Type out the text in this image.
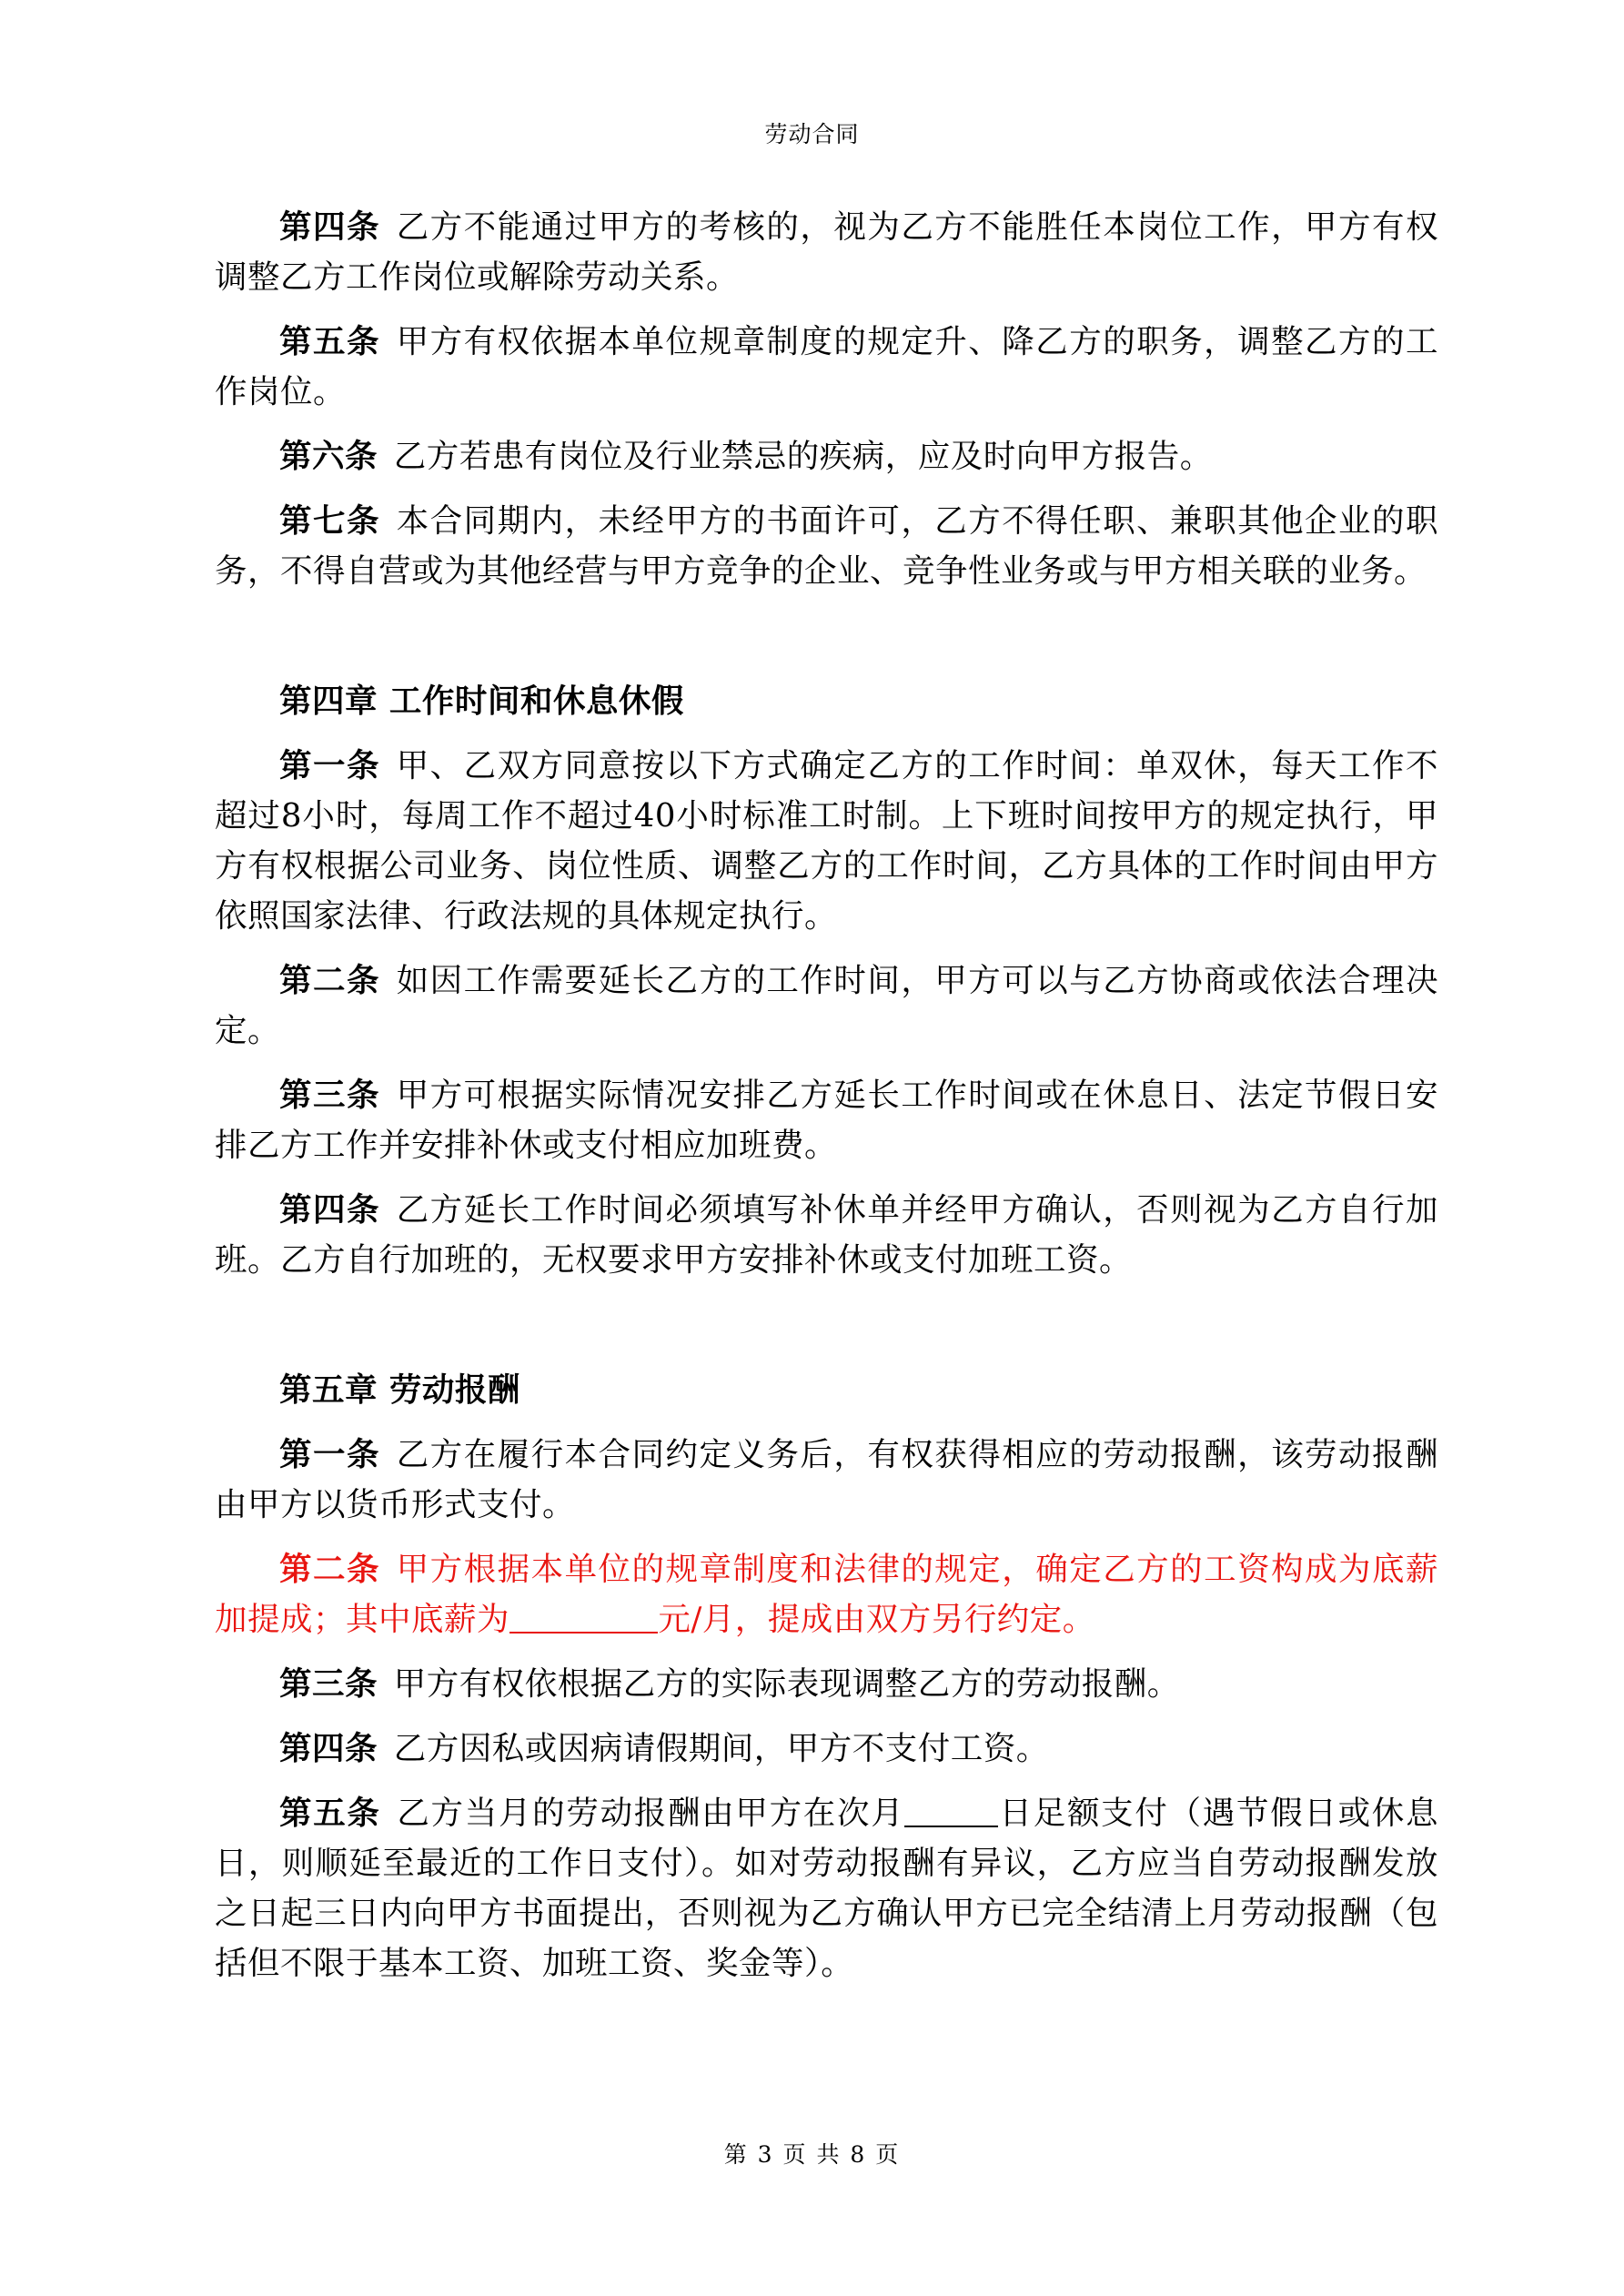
劳动合同

第四条 乙方不能通过甲方的考核的，视为乙方不能胜任本岗位工作，甲方有权调整乙方工作岗位或解除劳动关系。

第五条 甲方有权依据本单位规章制度的规定升、降乙方的职务，调整乙方的工作岗位。

第六条 乙方若患有岗位及行业禁忌的疾病，应及时向甲方报告。

第七条 本合同期内，未经甲方的书面许可，乙方不得任职、兼职其他企业的职务，不得自营或为其他经营与甲方竞争的企业、竞争性业务或与甲方相关联的业务。

第四章 工作时间和休息休假

第一条 甲、乙双方同意按以下方式确定乙方的工作时间：单双休，每天工作不超过8小时，每周工作不超过40小时标准工时制。上下班时间按甲方的规定执行，甲方有权根据公司业务、岗位性质、调整乙方的工作时间，乙方具体的工作时间由甲方依照国家法律、行政法规的具体规定执行。

第二条 如因工作需要延长乙方的工作时间，甲方可以与乙方协商或依法合理决定。

第三条 甲方可根据实际情况安排乙方延长工作时间或在休息日、法定节假日安排乙方工作并安排补休或支付相应加班费。

第四条 乙方延长工作时间必须填写补休单并经甲方确认，否则视为乙方自行加班。乙方自行加班的，无权要求甲方安排补休或支付加班工资。

第五章 劳动报酬

第一条 乙方在履行本合同约定义务后，有权获得相应的劳动报酬，该劳动报酬由甲方以货币形式支付。

第二条 甲方根据本单位的规章制度和法律的规定，确定乙方的工资构成为底薪加提成；其中底薪为	元/月，提成由双方另行约定。

第三条 甲方有权依根据乙方的实际表现调整乙方的劳动报酬。

第四条 乙方因私或因病请假期间，甲方不支付工资。

第五条 乙方当月的劳动报酬由甲方在次月	日足额支付（遇节假日或休息日，则顺延至最近的工作日支付）。如对劳动报酬有异议，乙方应当自劳动报酬发放之日起三日内向甲方书面提出，否则视为乙方确认甲方已完全结清上月劳动报酬（包括但不限于基本工资、加班工资、奖金等）。

第 3 页 共 8 页
